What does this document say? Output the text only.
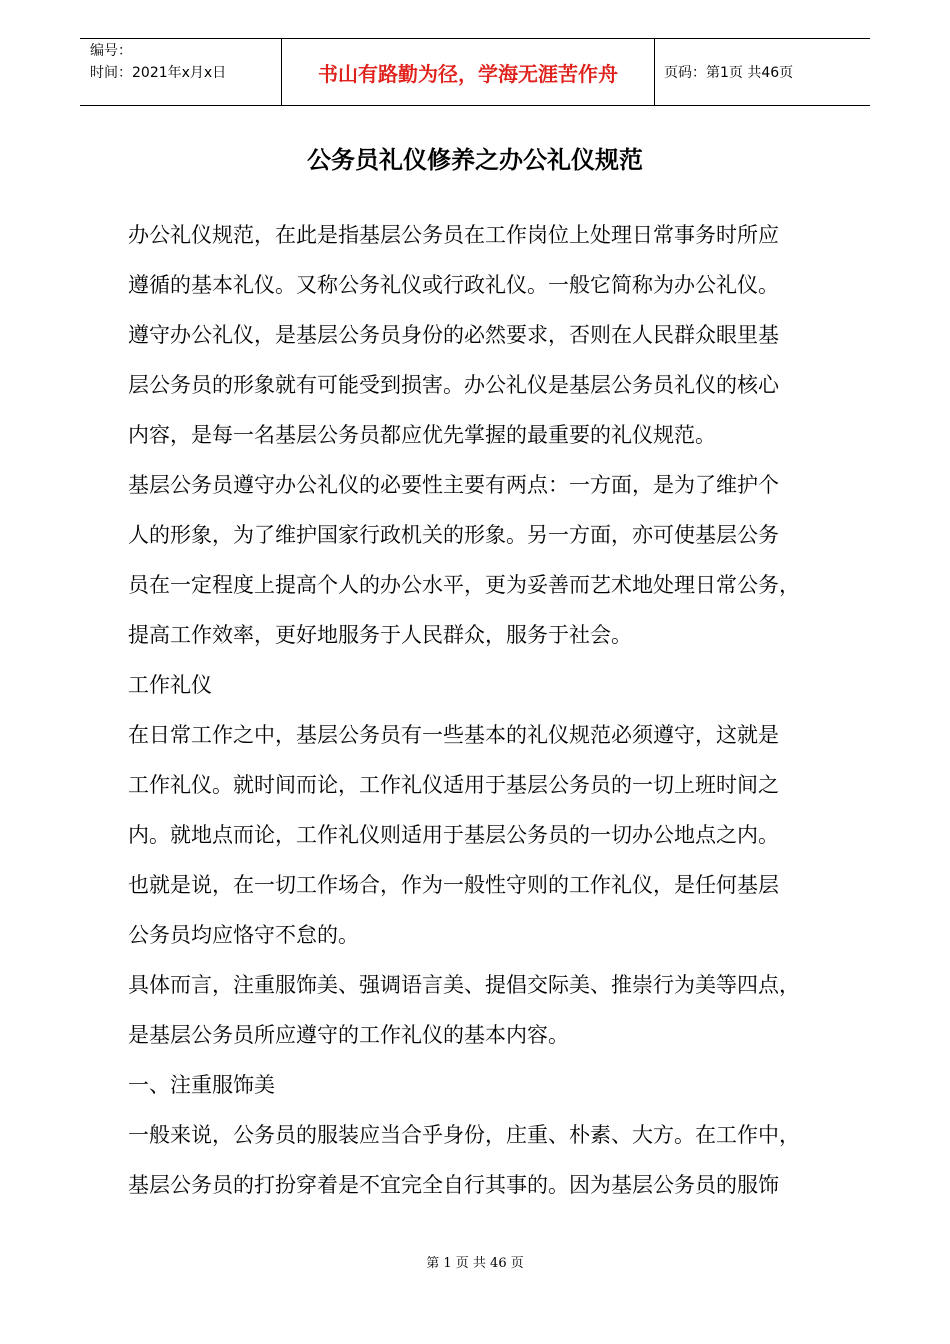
编号：
时间：2021年x月x日	书山有路勤为径，学海无涯苦作舟	页码：第1页 共46页
公务员礼仪修养之办公礼仪规范
办公礼仪规范，在此是指基层公务员在工作岗位上处理日常事务时所应
遵循的基本礼仪。又称公务礼仪或行政礼仪。一般它简称为办公礼仪。
遵守办公礼仪，是基层公务员身份的必然要求，否则在人民群众眼里基
层公务员的形象就有可能受到损害。办公礼仪是基层公务员礼仪的核心
内容，是每一名基层公务员都应优先掌握的最重要的礼仪规范。
基层公务员遵守办公礼仪的必要性主要有两点：一方面，是为了维护个
人的形象，为了维护国家行政机关的形象。另一方面，亦可使基层公务
员在一定程度上提高个人的办公水平，更为妥善而艺术地处理日常公务，
提高工作效率，更好地服务于人民群众，服务于社会。
工作礼仪
在日常工作之中，基层公务员有一些基本的礼仪规范必须遵守，这就是
工作礼仪。就时间而论，工作礼仪适用于基层公务员的一切上班时间之
内。就地点而论，工作礼仪则适用于基层公务员的一切办公地点之内。
也就是说，在一切工作场合，作为一般性守则的工作礼仪，是任何基层
公务员均应恪守不怠的。
具体而言，注重服饰美、强调语言美、提倡交际美、推崇行为美等四点，
是基层公务员所应遵守的工作礼仪的基本内容。
一、注重服饰美
一般来说，公务员的服装应当合乎身份，庄重、朴素、大方。在工作中，
基层公务员的打扮穿着是不宜完全自行其事的。因为基层公务员的服饰
第 1 页 共 46 页
